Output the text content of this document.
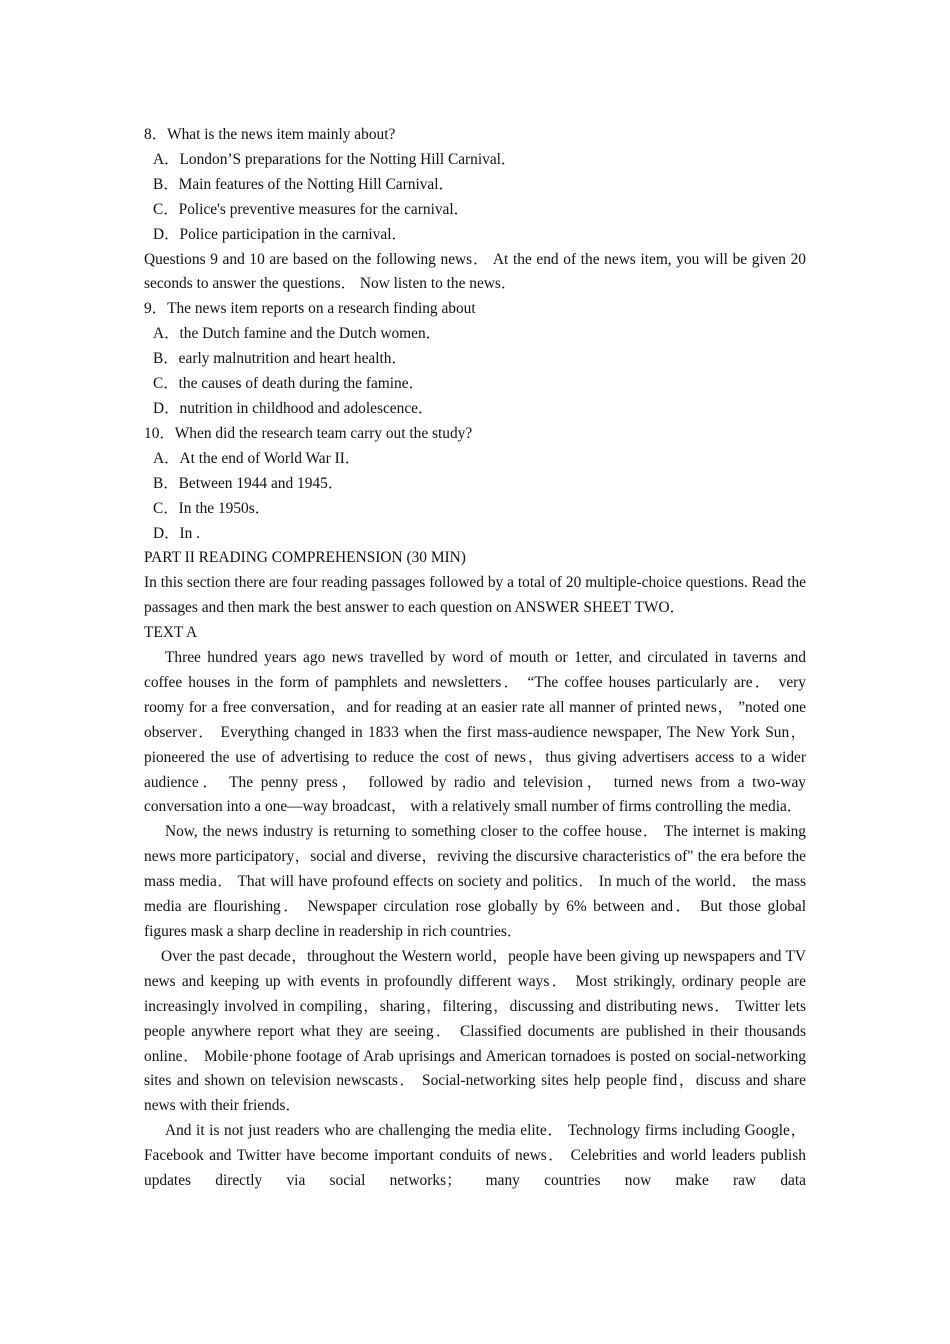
8．What is the news item mainly about?

A．London’S preparations for the Notting Hill Carnival．

B．Main features of the Notting Hill Carnival．

C．Police's preventive measures for the carnival．

D．Police participation in the carnival．

Questions 9 and 10 are based on the following news． At the end of the news item, you will be given 20 seconds to answer the questions． Now listen to the news．

9．The news item reports on a research finding about

A．the Dutch famine and the Dutch women．

B．early malnutrition and heart health．

C．the causes of death during the famine．

D．nutrition in childhood and adolescence．

10．When did the research team carry out the study?

A．At the end of World War II．

B．Between 1944 and 1945．

C．In the 1950s．

D．In .

PART II READING COMPREHENSION (30 MIN)

In this section there are four reading passages followed by a total of 20 multiple-choice questions. Read the passages and then mark the best answer to each question on ANSWER SHEET TWO．

TEXT A

Three hundred years ago news travelled by word of mouth or 1etter, and circulated in taverns and coffee houses in the form of pamphlets and newsletters． “The coffee houses particularly are． very roomy for a free conversation，and for reading at an easier rate all manner of printed news， ”noted one observer． Everything changed in 1833 when the first mass-audience newspaper, The New York Sun，pioneered the use of advertising to reduce the cost of news，thus giving advertisers access to a wider audience． The penny press， followed by radio and television， turned news from a two-way conversation into a one—way broadcast， with a relatively small number of firms controlling the media．

Now, the news industry is returning to something closer to the coffee house． The internet is making news more participatory，social and diverse，reviving the discursive characteristics of" the era before the mass media． That will have profound effects on society and politics． In much of the world． the mass media are flourishing． Newspaper circulation rose globally by 6% between and． But those global figures mask a sharp decline in readership in rich countries．

Over the past decade，throughout the Western world，people have been giving up newspapers and TV news and keeping up with events in profoundly different ways． Most strikingly, ordinary people are increasingly involved in compiling，sharing，filtering，discussing and distributing news． Twitter lets people anywhere report what they are seeing． Classified documents are published in their thousands online． Mobile·phone footage of Arab uprisings and American tornadoes is posted on social-networking sites and shown on television newscasts． Social-networking sites help people find，discuss and share news with their friends．

And it is not just readers who are challenging the media elite． Technology firms including Google，Facebook and Twitter have become important conduits of news． Celebrities and world leaders publish updates directly via social networks； many countries now make raw data
